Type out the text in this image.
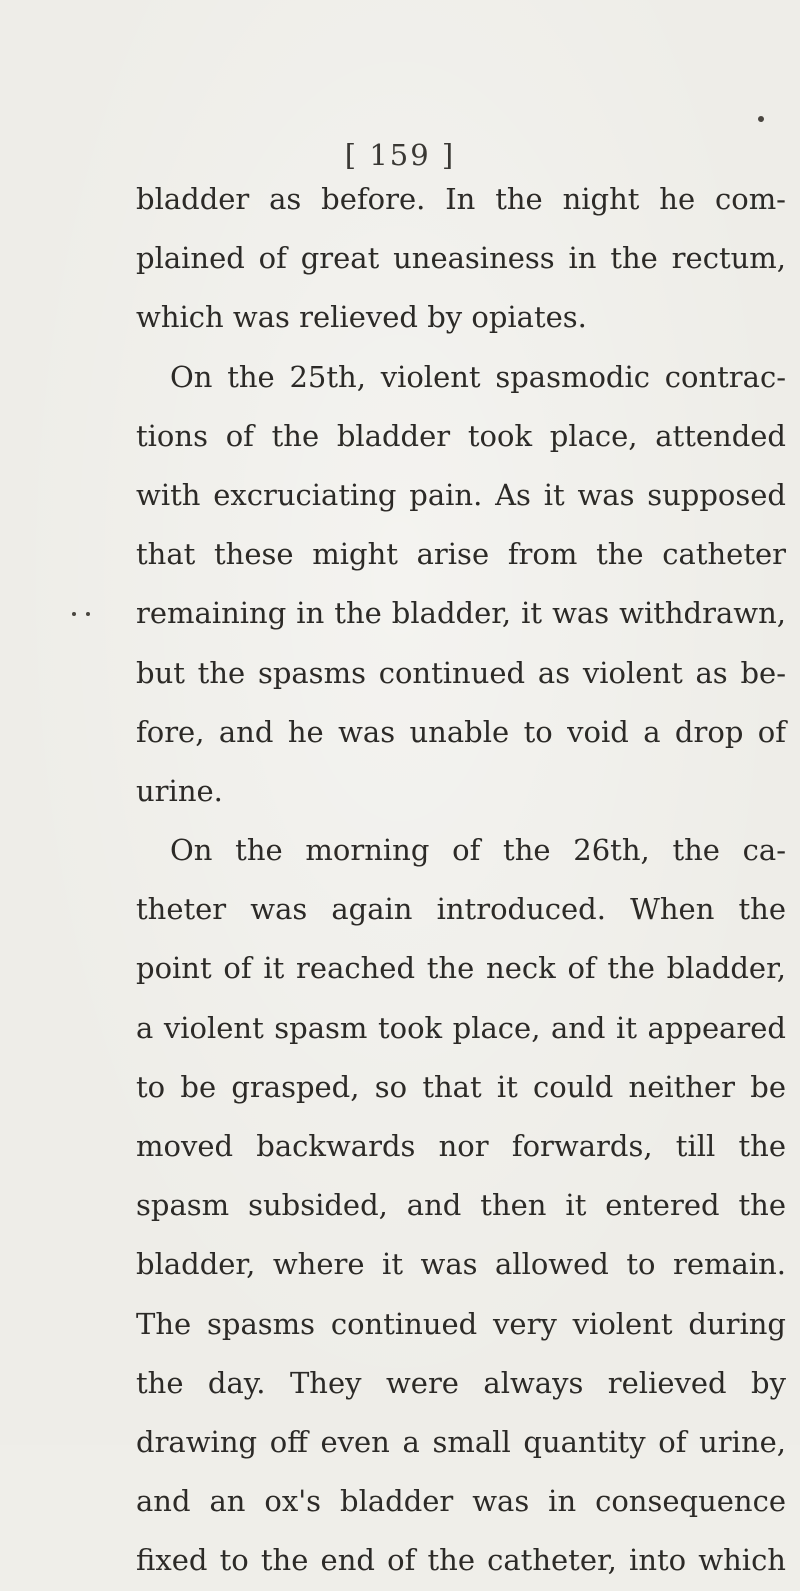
[ 159 ]
bladder as before. In the night he com-
plained of great uneasiness in the rectum,
which was relieved by opiates.
On the 25th, violent spasmodic contrac-
tions of the bladder took place, attended
with excruciating pain. As it was supposed
that these might arise from the catheter
remaining in the bladder, it was withdrawn,
but the spasms continued as violent as be-
fore, and he was unable to void a drop of
urine.
On the morning of the 26th, the ca-
theter was again introduced. When the
point of it reached the neck of the bladder,
a violent spasm took place, and it appeared
to be grasped, so that it could neither be
moved backwards nor forwards, till the
spasm subsided, and then it entered the
bladder, where it was allowed to remain.
The spasms continued very violent during
the day. They were always relieved by
drawing off even a small quantity of urine,
and an ox's bladder was in consequence
fixed to the end of the catheter, into which
